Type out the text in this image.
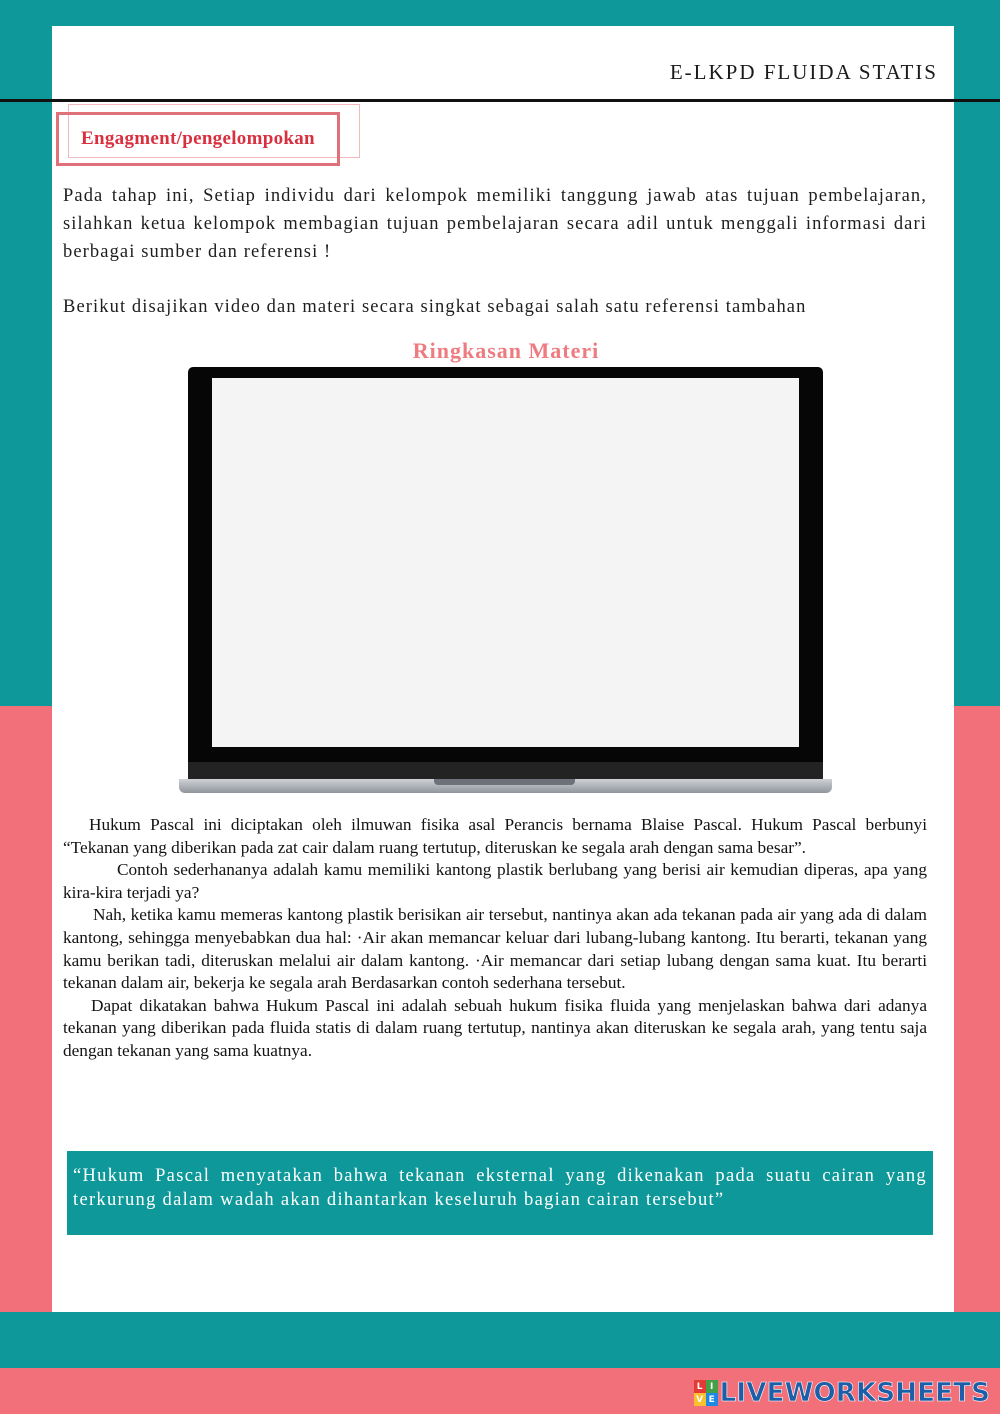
E-LKPD FLUIDA STATIS
Engagment/pengelompokan

Pada tahap ini, Setiap individu dari kelompok memiliki tanggung jawab atas tujuan pembelajaran, silahkan ketua kelompok membagian tujuan pembelajaran secara adil untuk menggali informasi dari berbagai sumber dan referensi !

Berikut disajikan video dan materi secara singkat sebagai salah satu referensi tambahan

Ringkasan Materi

Hukum Pascal ini diciptakan oleh ilmuwan fisika asal Perancis bernama Blaise Pascal. Hukum Pascal berbunyi “Tekanan yang diberikan pada zat cair dalam ruang tertutup, diteruskan ke segala arah dengan sama besar”.

Contoh sederhananya adalah kamu memiliki kantong plastik berlubang yang berisi air kemudian diperas, apa yang kira-kira terjadi ya?

Nah, ketika kamu memeras kantong plastik berisikan air tersebut, nantinya akan ada tekanan pada air yang ada di dalam kantong, sehingga menyebabkan dua hal: ·Air akan memancar keluar dari lubang-lubang kantong. Itu berarti, tekanan yang kamu berikan tadi, diteruskan melalui air dalam kantong. ·Air memancar dari setiap lubang dengan sama kuat. Itu berarti tekanan dalam air, bekerja ke segala arah Berdasarkan contoh sederhana tersebut.

Dapat dikatakan bahwa Hukum Pascal ini adalah sebuah hukum fisika fluida yang menjelaskan bahwa dari adanya tekanan yang diberikan pada fluida statis di dalam ruang tertutup, nantinya akan diteruskan ke segala arah, yang tentu saja dengan tekanan yang sama kuatnya.

“Hukum Pascal menyatakan bahwa tekanan eksternal yang dikenakan pada suatu cairan yang terkurung dalam wadah akan dihantarkan keseluruh bagian cairan tersebut”

L I
V E LIVEWORKSHEETS
